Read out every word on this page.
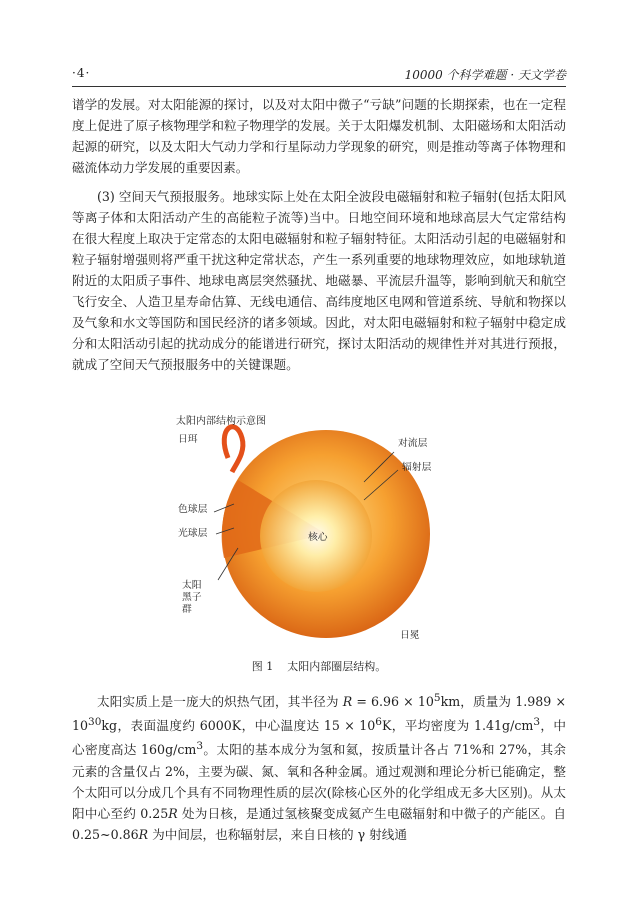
·4·	10000 个科学难题 · 天文学卷

谱学的发展。对太阳能源的探讨，以及对太阳中微子“亏缺”问题的长期探索，也在一定程度上促进了原子核物理学和粒子物理学的发展。关于太阳爆发机制、太阳磁场和太阳活动起源的研究，以及太阳大气动力学和行星际动力学现象的研究，则是推动等离子体物理和磁流体动力学发展的重要因素。

(3) 空间天气预报服务。地球实际上处在太阳全波段电磁辐射和粒子辐射(包括太阳风等离子体和太阳活动产生的高能粒子流等)当中。日地空间环境和地球高层大气定常结构在很大程度上取决于定常态的太阳电磁辐射和粒子辐射特征。太阳活动引起的电磁辐射和粒子辐射增强则将严重干扰这种定常状态，产生一系列重要的地球物理效应，如地球轨道附近的太阳质子事件、地球电离层突然骚扰、地磁暴、平流层升温等，影响到航天和航空飞行安全、人造卫星寿命估算、无线电通信、高纬度地区电网和管道系统、导航和物探以及气象和水文等国防和国民经济的诸多领域。因此，对太阳电磁辐射和粒子辐射中稳定成分和太阳活动引起的扰动成分的能谱进行研究，探讨太阳活动的规律性并对其进行预报，就成了空间天气预报服务中的关键课题。

太阳内部结构示意图
日珥	对流层
辐射层
色球层
光球层	核心
太阳黑子群
日冕
图 1 太阳内部圈层结构。

太阳实质上是一庞大的炽热气团，其半径为 $R = 6.96 \times 10^5km$，质量为 $1.989 \times 10^{30}kg$，表面温度约 6000K，中心温度达 $15 \times 10^6K$，平均密度为 $1.41g/cm^3$，中心密度高达 $160g/cm^3$。太阳的基本成分为氢和氦，按质量计各占 71%和 27%，其余元素的含量仅占 2%，主要为碳、氮、氧和各种金属。通过观测和理论分析已能确定，整个太阳可以分成几个具有不同物理性质的层次(除核心区外的化学组成无多大区别)。从太阳中心至约 0.25R 处为日核，是通过氢核聚变成氦产生电磁辐射和中微子的产能区。自 0.25~0.86R 为中间层，也称辐射层，来自日核的 γ 射线通
